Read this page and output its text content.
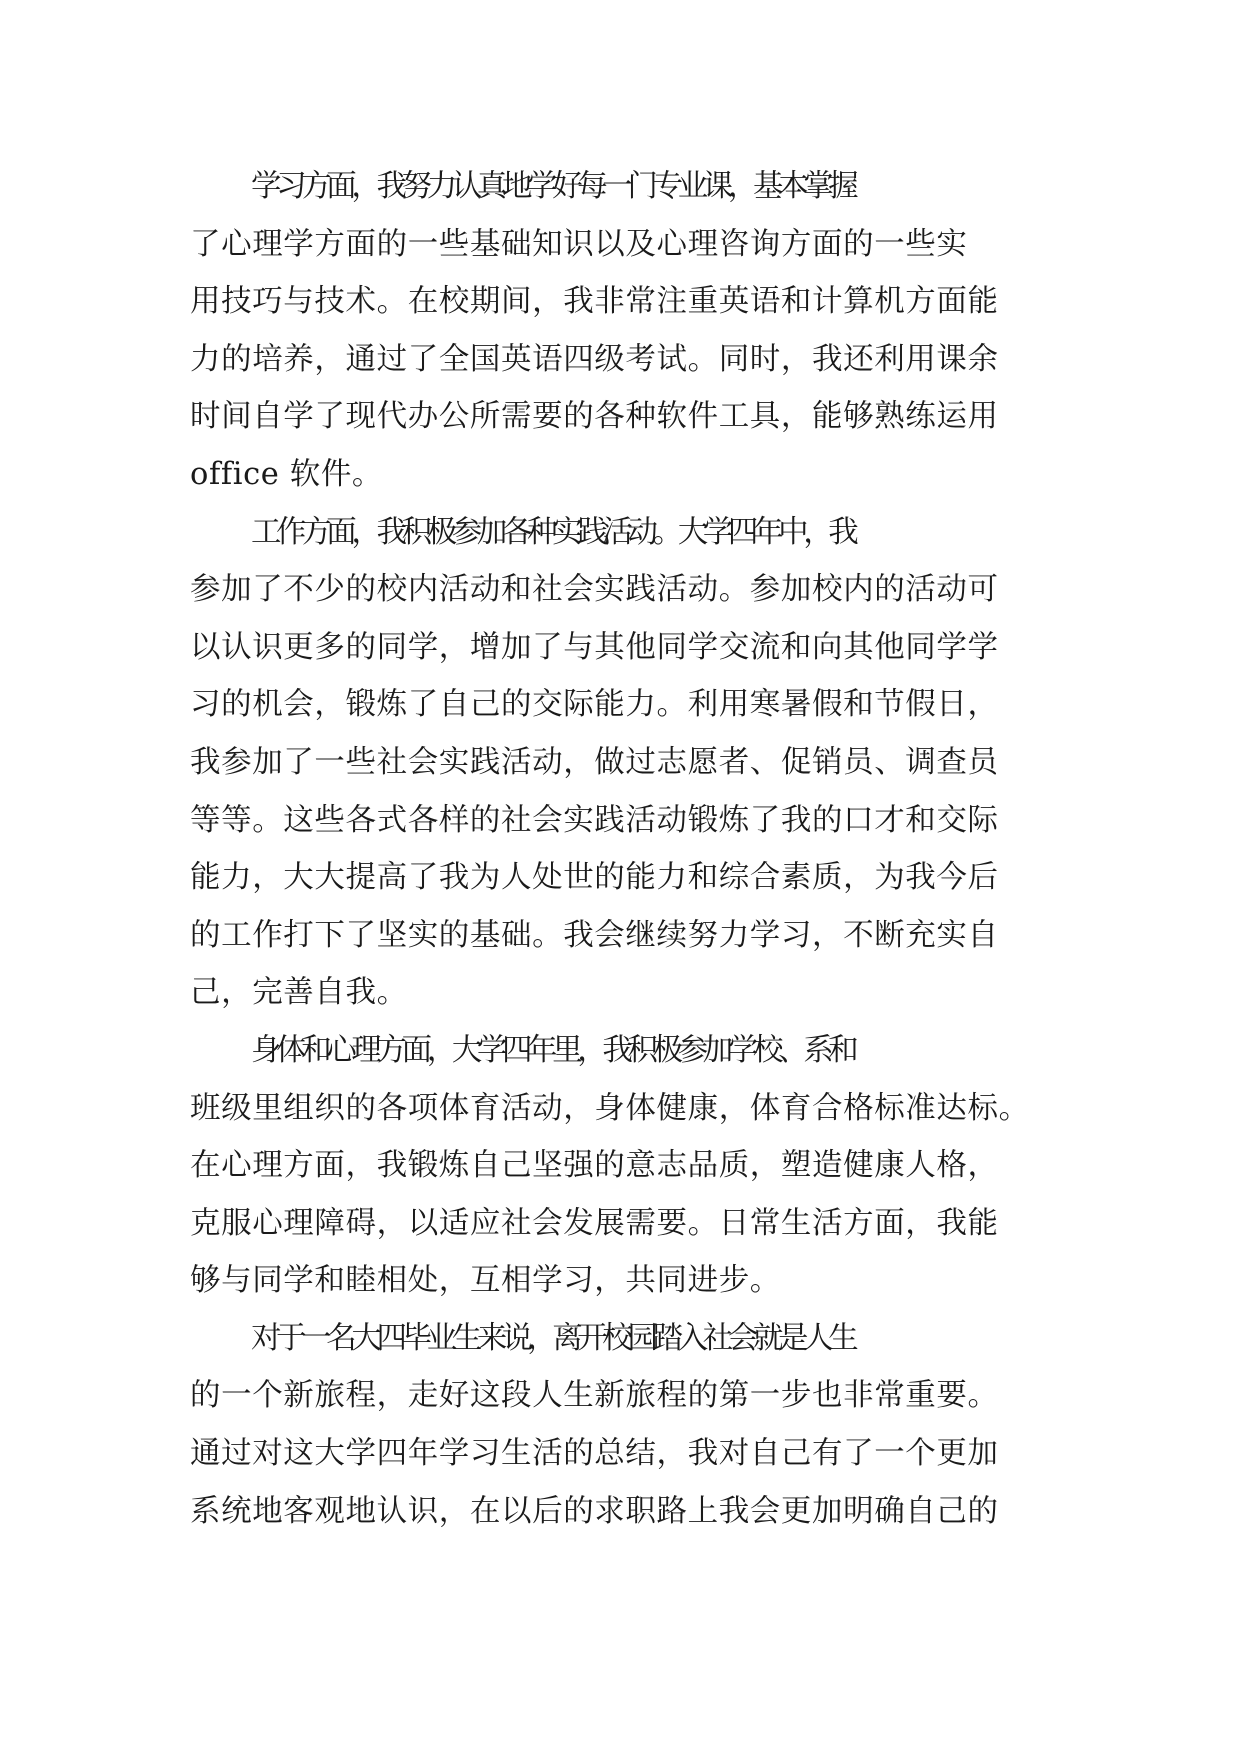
学习方面，我努力认真地学好每一门专业课，基本掌握
了心理学方面的一些基础知识以及心理咨询方面的一些实
用技巧与技术。在校期间，我非常注重英语和计算机方面能
力的培养，通过了全国英语四级考试。同时，我还利用课余
时间自学了现代办公所需要的各种软件工具，能够熟练运用
office 软件。

工作方面，我积极参加各种实践活动。大学四年中，我
参加了不少的校内活动和社会实践活动。参加校内的活动可
以认识更多的同学，增加了与其他同学交流和向其他同学学
习的机会，锻炼了自己的交际能力。利用寒暑假和节假日，
我参加了一些社会实践活动，做过志愿者、促销员、调查员
等等。这些各式各样的社会实践活动锻炼了我的口才和交际
能力，大大提高了我为人处世的能力和综合素质，为我今后
的工作打下了坚实的基础。我会继续努力学习，不断充实自
己，完善自我。

身体和心理方面，大学四年里，我积极参加学校、系和
班级里组织的各项体育活动，身体健康，体育合格标准达标。
在心理方面，我锻炼自己坚强的意志品质，塑造健康人格，
克服心理障碍，以适应社会发展需要。日常生活方面，我能
够与同学和睦相处，互相学习，共同进步。

对于一名大四毕业生来说，离开校园踏入社会就是人生
的一个新旅程，走好这段人生新旅程的第一步也非常重要。
通过对这大学四年学习生活的总结，我对自己有了一个更加
系统地客观地认识，在以后的求职路上我会更加明确自己的
